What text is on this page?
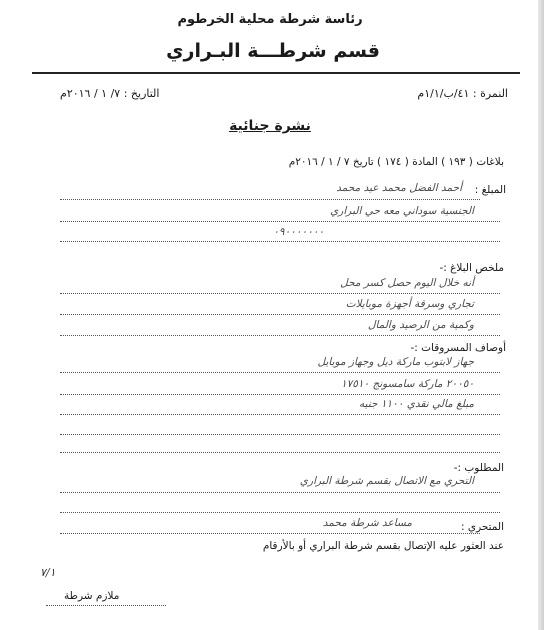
رئاسة شرطة محلية الخرطوم
قسم شرطـــة البـراري
النمرة : ٤١/ب/١/١م
التاريخ : ٧/ ١ / ٢٠١٦م
نشرة جنائية
بلاغات ( ١٩٣ ) المادة ( ١٧٤ ) تاريخ ٧ / ١ / ٢٠١٦م
المبلغ :
أحمد الفضل محمد عيد محمد
الجنسية سوداني معه حي البراري
٠٩٠٠٠٠٠٠٠
ملخص البلاغ :-
أنه خلال اليوم حصل كسر محل
تجاري وسرقة أجهزة موبايلات
وكمية من الرصيد والمال
أوصاف المسروقات :-
جهاز لابتوب ماركة ديل وجهاز موبايل
٢٠٠٥٠ ماركة سامسونج ١٧٥١٠
مبلغ مالي نقدي ١١٠٠ جنيه
المطلوب :-
التحري مع الاتصال بقسم شرطة البراري
المتحري :
مساعد شرطة محمد
عند العثور عليه الإتصال بقسم شرطة البراري أو بالأرقام
٧/١
ملازم شرطة
